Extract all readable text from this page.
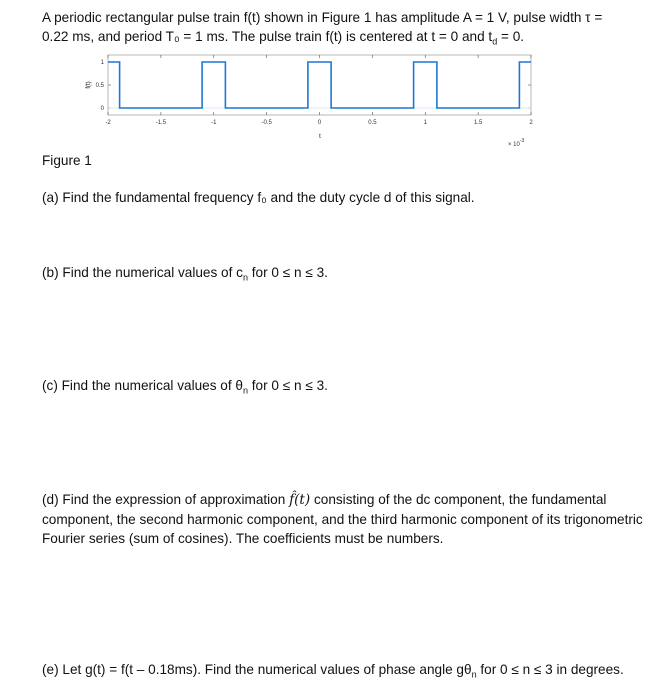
A periodic rectangular pulse train f(t) shown in Figure 1 has amplitude A = 1 V, pulse width τ =
0.22 ms, and period T₀ = 1 ms. The pulse train f(t) is centered at t = 0 and $t_d = 0$.
-2	-1.5	-1	-0.5	0	0.5	1	1.5	2
0
0.5
1
f(t)
t
× $10^{-3}$
Figure 1
(a) Find the fundamental frequency f₀ and the duty cycle d of this signal.
(b) Find the numerical values of $c_n$ for 0 ≤ n ≤ 3.
(c) Find the numerical values of $\theta_n$ for 0 ≤ n ≤ 3.
(d) Find the expression of approximation f̂(t) consisting of the dc component, the fundamental component, the second harmonic component, and the third harmonic component of its trigonometric Fourier series (sum of cosines). The coefficients must be numbers.
(e) Let g(t) = f(t – 0.18ms). Find the numerical values of phase angle $g\theta_n$ for 0 ≤ n ≤ 3 in degrees.
